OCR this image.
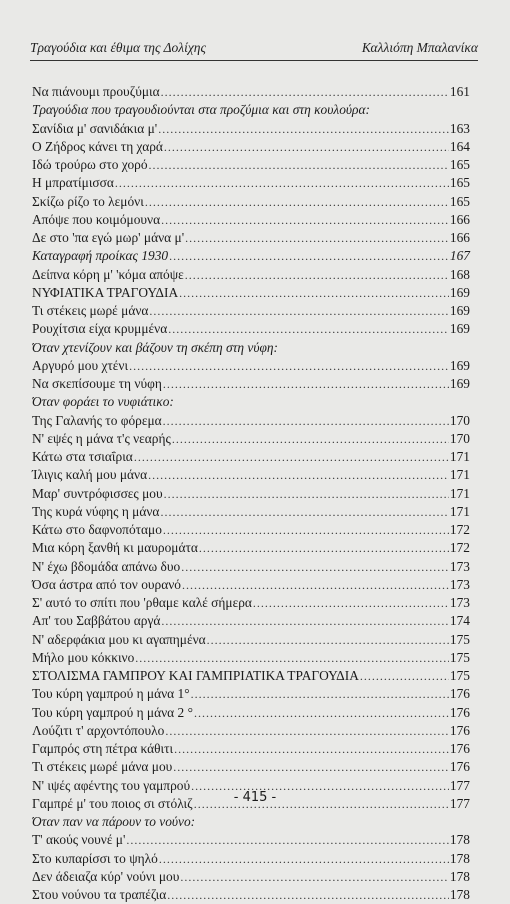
Τραγούδια και έθιμα της Δολίχης	Καλλιόπη Μπαλανίκα
Να πιάνουμι προυζύμια .....	161
Τραγούδια που τραγουδιούνται στα προζύμια και στη κουλούρα:
Σανίδια μ' σανιδάκια μ' .....	163
Ο Ζήδρος κάνει τη χαρά .....	164
Ιδώ τρούρω στο χορό .....	165
Η μπρατίμισσα .....	165
Σκίζω ρίζο το λεμόνι .....	165
Απόψε που κοιμόμουνα .....	166
Δε στο 'πα εγώ μωρ' μάνα μ' .....	166
Καταγραφή προίκας 1930 .....	167
Δείπνα κόρη μ' 'κόμα απόψε .....	168
ΝΥΦΙΑΤΙΚΑ ΤΡΑΓΟΥΔΙΑ .....	169
Τι στέκεις μωρέ μάνα .....	169
Ρουχίτσια είχα κρυμμένα .....	169
Όταν χτενίζουν και βάζουν τη σκέπη στη νύφη:
Αργυρό μου χτένι .....	169
Να σκεπίσουμε τη νύφη .....	169
Όταν φοράει το νυφιάτικο:
Της Γαλανής το φόρεμα .....	170
Ν' εψές η μάνα τ'ς νεαρής .....	170
Κάτω στα τσιαΐρια .....	171
Ίλιγις καλή μου μάνα .....	171
Μαρ' συντρόφισσες μου .....	171
Της κυρά νύφης η μάνα .....	171
Κάτω στο δαφνοπόταμο .....	172
Μια κόρη ξανθή κι μαυρομάτα .....	172
Ν' έχω βδομάδα απάνω δυο .....	173
Όσα άστρα από τον ουρανό .....	173
Σ' αυτό το σπίτι που 'ρθαμε καλέ σήμερα .....	173
Απ' του Σαββάτου αργά .....	174
Ν' αδερφάκια μου κι αγαπημένα .....	175
Μήλο μου κόκκινο .....	175
ΣΤΟΛΙΣΜΑ ΓΑΜΠΡΟΥ ΚΑΙ ΓΑΜΠΡΙΑΤΙΚΑ ΤΡΑΓΟΥΔΙΑ .....	175
Του κύρη γαμπρού η μάνα 1° .....	176
Του κύρη γαμπρού η μάνα 2 ° .....	176
Λούζιτι τ' αρχοντόπουλο .....	176
Γαμπρός στη πέτρα κάθιτι .....	176
Τι στέκεις μωρέ μάνα μου .....	176
Ν' ιψές αφέντης του γαμπρού .....	177
Γαμπρέ μ' του ποιος σι στόλιζ .....	177
Όταν παν να πάρουν το νούνο:
Τ' ακούς νουνέ μ' .....	178
Στο κυπαρίσσι το ψηλό .....	178
Δεν άδειαζα κύρ' νούνι μου .....	178
Στου νούνου τα τραπέζια .....	178
- 415 -
